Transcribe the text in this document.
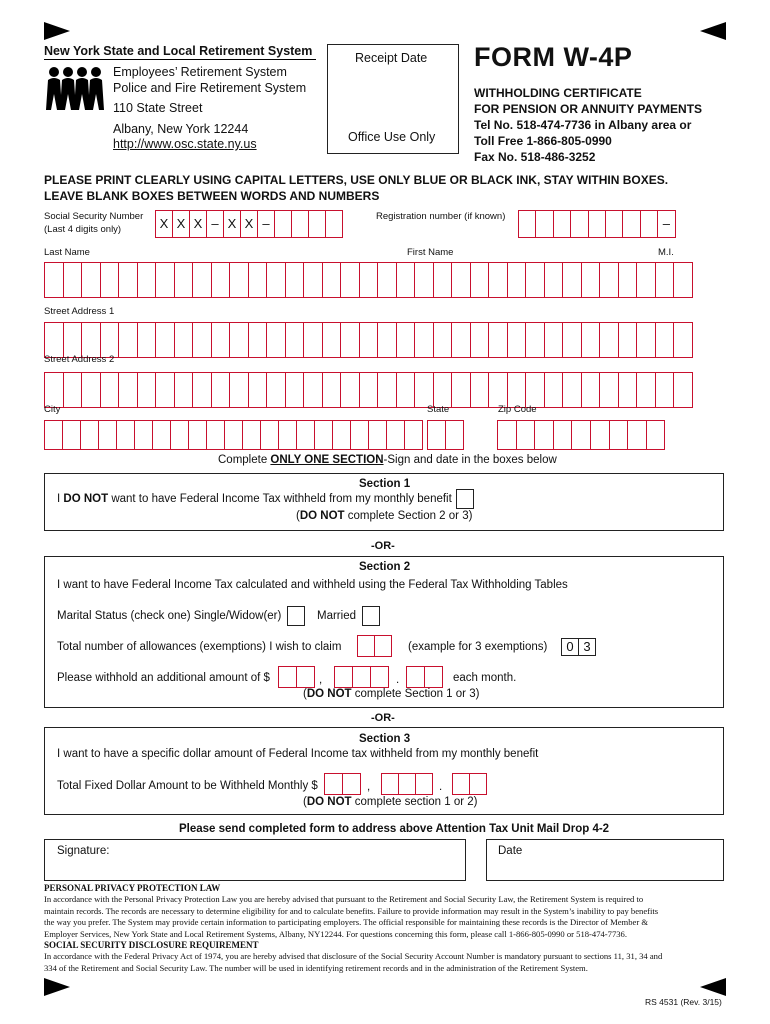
New York State and Local Retirement System
Employees’ Retirement System
Police and Fire Retirement System
110 State Street
Albany, New York 12244
http://www.osc.state.ny.us
Receipt Date
Office Use Only
FORM W-4P
WITHHOLDING CERTIFICATE
FOR PENSION OR ANNUITY PAYMENTS
Tel No. 518-474-7736 in Albany area or
Toll Free 1-866-805-0990
Fax No. 518-486-3252
PLEASE PRINT CLEARLY USING CAPITAL LETTERS, USE ONLY BLUE OR BLACK INK, STAY WITHIN BOXES.
LEAVE BLANK BOXES BETWEEN WORDS AND NUMBERS
Social Security Number
(Last 4 digits only)	X X X – X X –	Registration number (if known)	–
Last Name	First Name	M.I.
Street Address 1
Street Address 2
City	State	Zip Code
Complete ONLY ONE SECTION-Sign and date in the boxes below
Section 1
I DO NOT want to have Federal Income Tax withheld from my monthly benefit
(DO NOT complete Section 2 or 3)
-OR-
Section 2
I want to have Federal Income Tax calculated and withheld using the Federal Tax Withholding Tables
Marital Status (check one) Single/Widow(er)	Married
Total number of allowances (exemptions) I wish to claim	(example for 3 exemptions)	0 3
Please withhold an additional amount of $	,	.	each month.
(DO NOT complete Section 1 or 3)
-OR-
Section 3
I want to have a specific dollar amount of Federal Income tax withheld from my monthly benefit
Total Fixed Dollar Amount to be Withheld Monthly $	,	.
(DO NOT complete section 1 or 2)
Please send completed form to address above Attention Tax Unit Mail Drop 4-2
Signature:	Date
PERSONAL PRIVACY PROTECTION LAW
In accordance with the Personal Privacy Protection Law you are hereby advised that pursuant to the Retirement and Social Security Law, the Retirement System is required to
maintain records. The records are necessary to determine eligibility for and to calculate benefits. Failure to provide information may result in the System’s inability to pay benefits
the way you prefer. The System may provide certain information to participating employers. The official responsible for maintaining these records is the Director of Member &
Employer Services, New York State and Local Retirement Systems, Albany, NY12244. For questions concerning this form, please call 1-866-805-0990 or 518-474-7736.
SOCIAL SECURITY DISCLOSURE REQUIREMENT
In accordance with the Federal Privacy Act of 1974, you are hereby advised that disclosure of the Social Security Account Number is mandatory pursuant to sections 11, 31, 34 and
334 of the Retirement and Social Security Law. The number will be used in identifying retirement records and in the administration of the Retirement System.
RS 4531 (Rev. 3/15)
